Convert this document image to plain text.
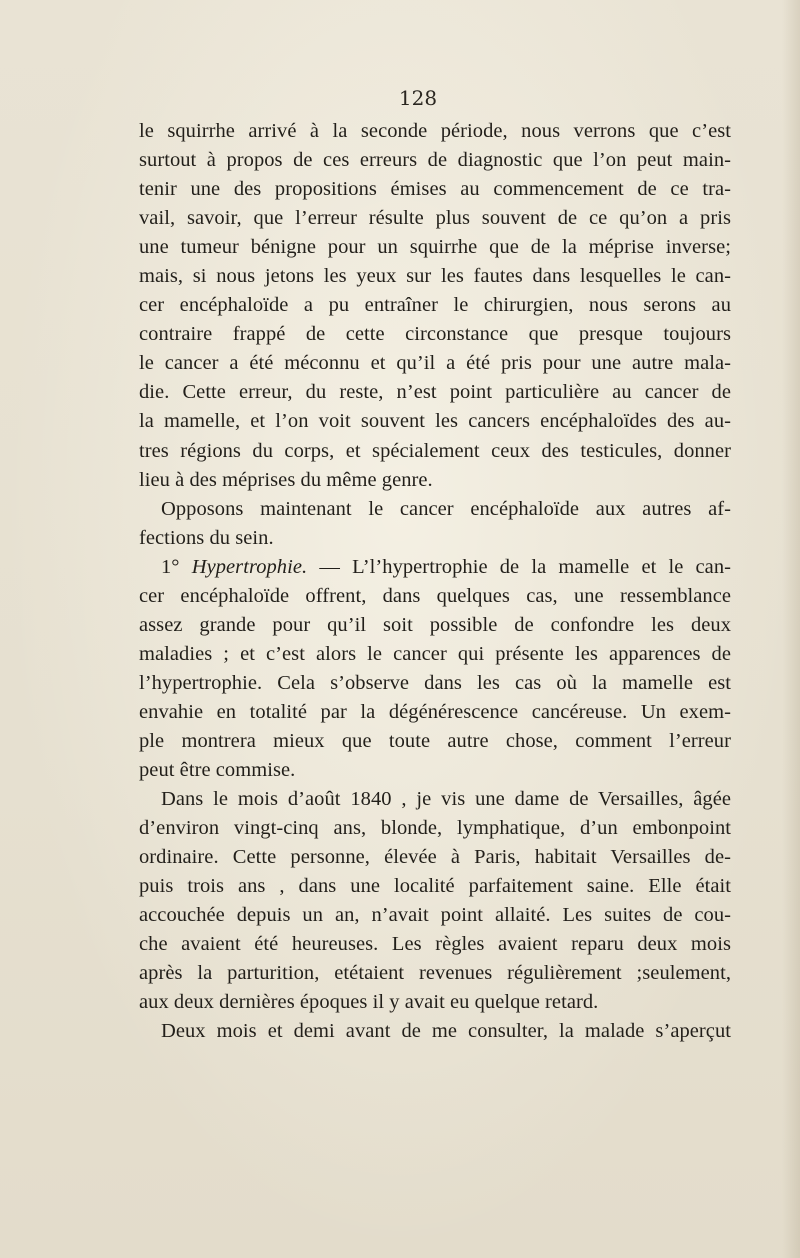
128
le squirrhe arrivé à la seconde période, nous verrons que c’est
surtout à propos de ces erreurs de diagnostic que l’on peut main-
tenir une des propositions émises au commencement de ce tra-
vail, savoir, que l’erreur résulte plus souvent de ce qu’on a pris
une tumeur bénigne pour un squirrhe que de la méprise inverse;
mais, si nous jetons les yeux sur les fautes dans lesquelles le can-
cer encéphaloïde a pu entraîner le chirurgien, nous serons au
contraire frappé de cette circonstance que presque toujours
le cancer a été méconnu et qu’il a été pris pour une autre mala-
die. Cette erreur, du reste, n’est point particulière au cancer de
la mamelle, et l’on voit souvent les cancers encéphaloïdes des au-
tres régions du corps, et spécialement ceux des testicules, donner
lieu à des méprises du même genre.
Opposons maintenant le cancer encéphaloïde aux autres af-
fections du sein.
1° Hypertrophie. — L’l’hypertrophie de la mamelle et le can-
cer encéphaloïde offrent, dans quelques cas, une ressemblance
assez grande pour qu’il soit possible de confondre les deux
maladies ; et c’est alors le cancer qui présente les apparences de
l’hypertrophie. Cela s’observe dans les cas où la mamelle est
envahie en totalité par la dégénérescence cancéreuse. Un exem-
ple montrera mieux que toute autre chose, comment l’erreur
peut être commise.
Dans le mois d’août 1840 , je vis une dame de Versailles, âgée
d’environ vingt-cinq ans, blonde, lymphatique, d’un embonpoint
ordinaire. Cette personne, élevée à Paris, habitait Versailles de-
puis trois ans , dans une localité parfaitement saine. Elle était
accouchée depuis un an, n’avait point allaité. Les suites de cou-
che avaient été heureuses. Les règles avaient reparu deux mois
après la parturition, etétaient revenues régulièrement ;seulement,
aux deux dernières époques il y avait eu quelque retard.
Deux mois et demi avant de me consulter, la malade s’aperçut
